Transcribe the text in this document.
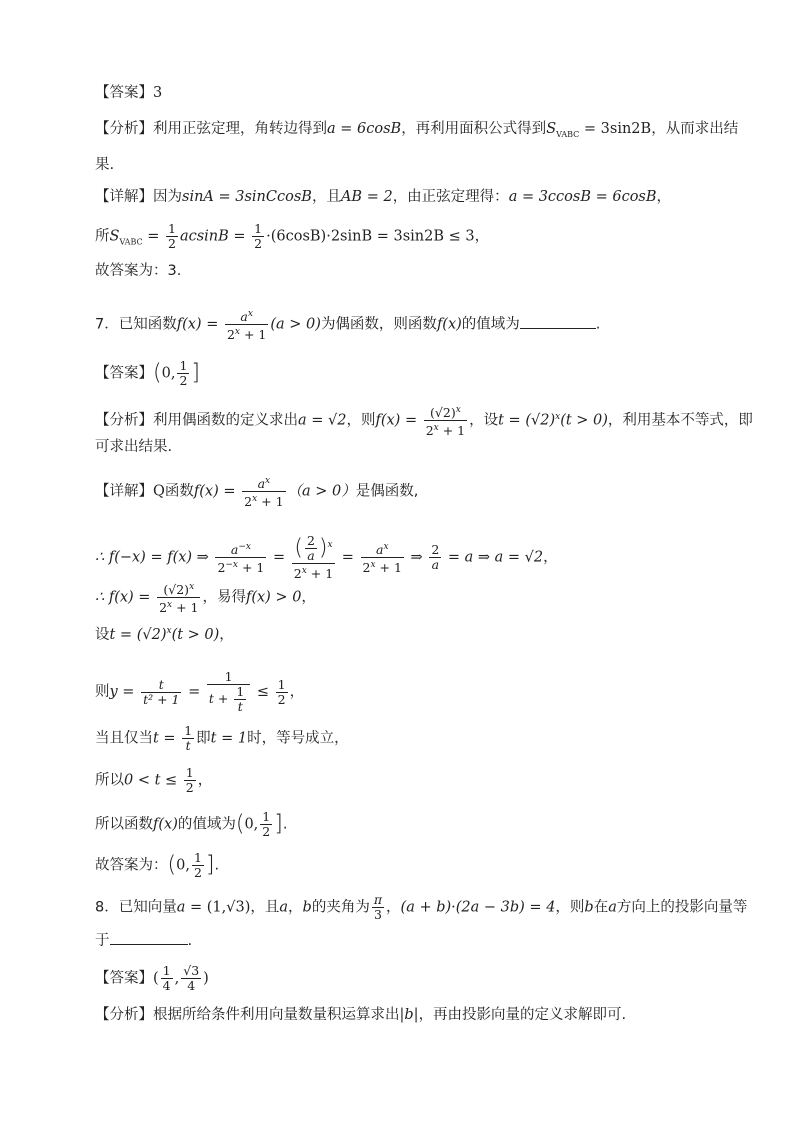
【答案】3
【分析】利用正弦定理，角转边得到a = 6cosB，再利用面积公式得到$S_{VABC} = 3\sin 2B$，从而求出结
果.
【详解】因为sinA = 3sinCcosB，且AB = 2，由正弦定理得：a = 3ccosB = 6cosB，
所$S_{VABC} = \frac{1}{2}$ $acsinB = \frac{1}{2} \cdot(6\cos B)\cdot 2\sin B = 3\sin 2B \le 3$，
故答案为：3.
7．已知函数$f(x) = \frac{a^x}{2^x + 1} (a > 0)$为偶函数，则函数f(x)的值域为	.
【答案】(0, $\frac{1}{2}$ ]
【分析】利用偶函数的定义求出a = √2，则$f(x) = \frac{(√2)^x}{2^x + 1}$ ，设$t = (√2)^x(t > 0)$，利用基本不等式，即
可求出结果.
【详解】Q函数$f(x) = \frac{a^x}{2^x + 1} (a > 0)$是偶函数,
∴ f(−x) = f(x) ⇒ $\frac{a^{-x}}{2^{-x} + 1} = \frac{( \frac{2}{a} )^x}{2^x + 1} = \frac{a^x}{2^x + 1}$ ⇒ $\frac{2}{a} = a$ ⇒ a = √2，
∴ $f(x) = \frac{(√2)^x}{2^x + 1}$ ，易得f(x) > 0，
设$t = (√2)^x(t > 0)$，
则$y = \frac{t}{\text{t² + 1}} = \frac{1}{t + \frac{1}{t}} \le \frac{1}{2}$ ，
当且仅当$t = \frac{1}{t}$ 即t = 1时，等号成立，
所以$0 < t \le \frac{1}{2}$ ，
所以函数f(x)的值域为(0, $\frac{1}{2}$ ].
故答案为：(0, $\frac{1}{2}$ ].
8．已知向量a = (1,√3)，且a，b的夹角为 $\frac{\pi}{3}$ ，(a + b)·(2a − 3b) = 4，则b在a方向上的投影向量等
于	.
【答案】( $\frac{1}{4}$ , $\frac{√3}{4}$ )
【分析】根据所给条件利用向量数量积运算求出|b|，再由投影向量的定义求解即可.
